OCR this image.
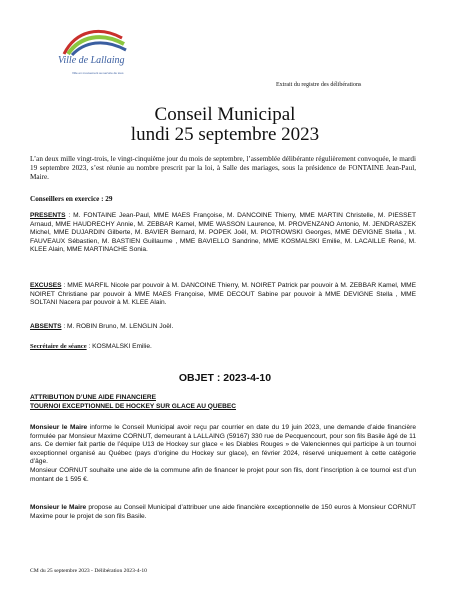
Ville de Lallaing
Ville en mouvement au service de tous
Extrait du registre des délibérations
Conseil Municipal
lundi 25 septembre 2023
L’an deux mille vingt-trois, le vingt-cinquième jour du mois de septembre, l’assemblée délibérante régulièrement convoquée, le mardi 19 septembre 2023, s’est réunie au nombre prescrit par la loi, à Salle des mariages, sous la présidence de FONTAINE Jean-Paul, Maire.
Conseillers en exercice : 29
PRESENTS : M. FONTAINE Jean-Paul, MME MAES Françoise, M. DANCOINE Thierry, MME MARTIN Christelle, M. PIESSET Arnaud, MME HAUDRECHY Annie, M. ZEBBAR Kamel, MME WASSON Laurence, M. PROVENZANO Antonio, M. JENDRASZEK Michel, MME DUJARDIN Gilberte, M. BAVIER Bernard, M. POPEK Joël, M. PIOTROWSKI Georges, MME DEVIGNE Stella , M. FAUVEAUX Sébastien, M. BASTIEN Guillaume , MME BAVIELLO Sandrine, MME KOSMALSKI Emilie, M. LACAILLE René, M. KLEE Alain, MME MARTINACHE Sonia.
EXCUSES : MME MARFIL Nicole par pouvoir à M. DANCOINE Thierry, M. NOIRET Patrick par pouvoir à M. ZEBBAR Kamel, MME NOIRET Christiane par pouvoir à MME MAES Françoise, MME DECOUT Sabine par pouvoir à MME DEVIGNE Stella , MME SOLTANI Nacera par pouvoir à M. KLEE Alain.
ABSENTS : M. ROBIN Bruno, M. LENGLIN Joël.
Secrétaire de séance : KOSMALSKI Emilie.
OBJET : 2023-4-10
ATTRIBUTION D’UNE AIDE FINANCIERE
TOURNOI EXCEPTIONNEL DE HOCKEY SUR GLACE AU QUEBEC
Monsieur le Maire informe le Conseil Municipal avoir reçu par courrier en date du 19 juin 2023, une demande d’aide financière formulée par Monsieur Maxime CORNUT, demeurant à LALLAING (59167) 330 rue de Pecquencourt, pour son fils Basile âgé de 11 ans. Ce dernier fait partie de l’équipe U13 de Hockey sur glace « les Diables Rouges » de Valenciennes qui participe à un tournoi exceptionnel organisé au Québec (pays d’origine du Hockey sur glace), en février 2024, réservé uniquement à cette catégorie d’âge.
Monsieur CORNUT souhaite une aide de la commune afin de financer le projet pour son fils, dont l’inscription à ce tournoi est d’un montant de 1 595 €.
Monsieur le Maire propose au Conseil Municipal d’attribuer une aide financière exceptionnelle de 150 euros à Monsieur CORNUT Maxime pour le projet de son fils Basile.
CM du 25 septembre 2023 - Délibération 2023-4-10
